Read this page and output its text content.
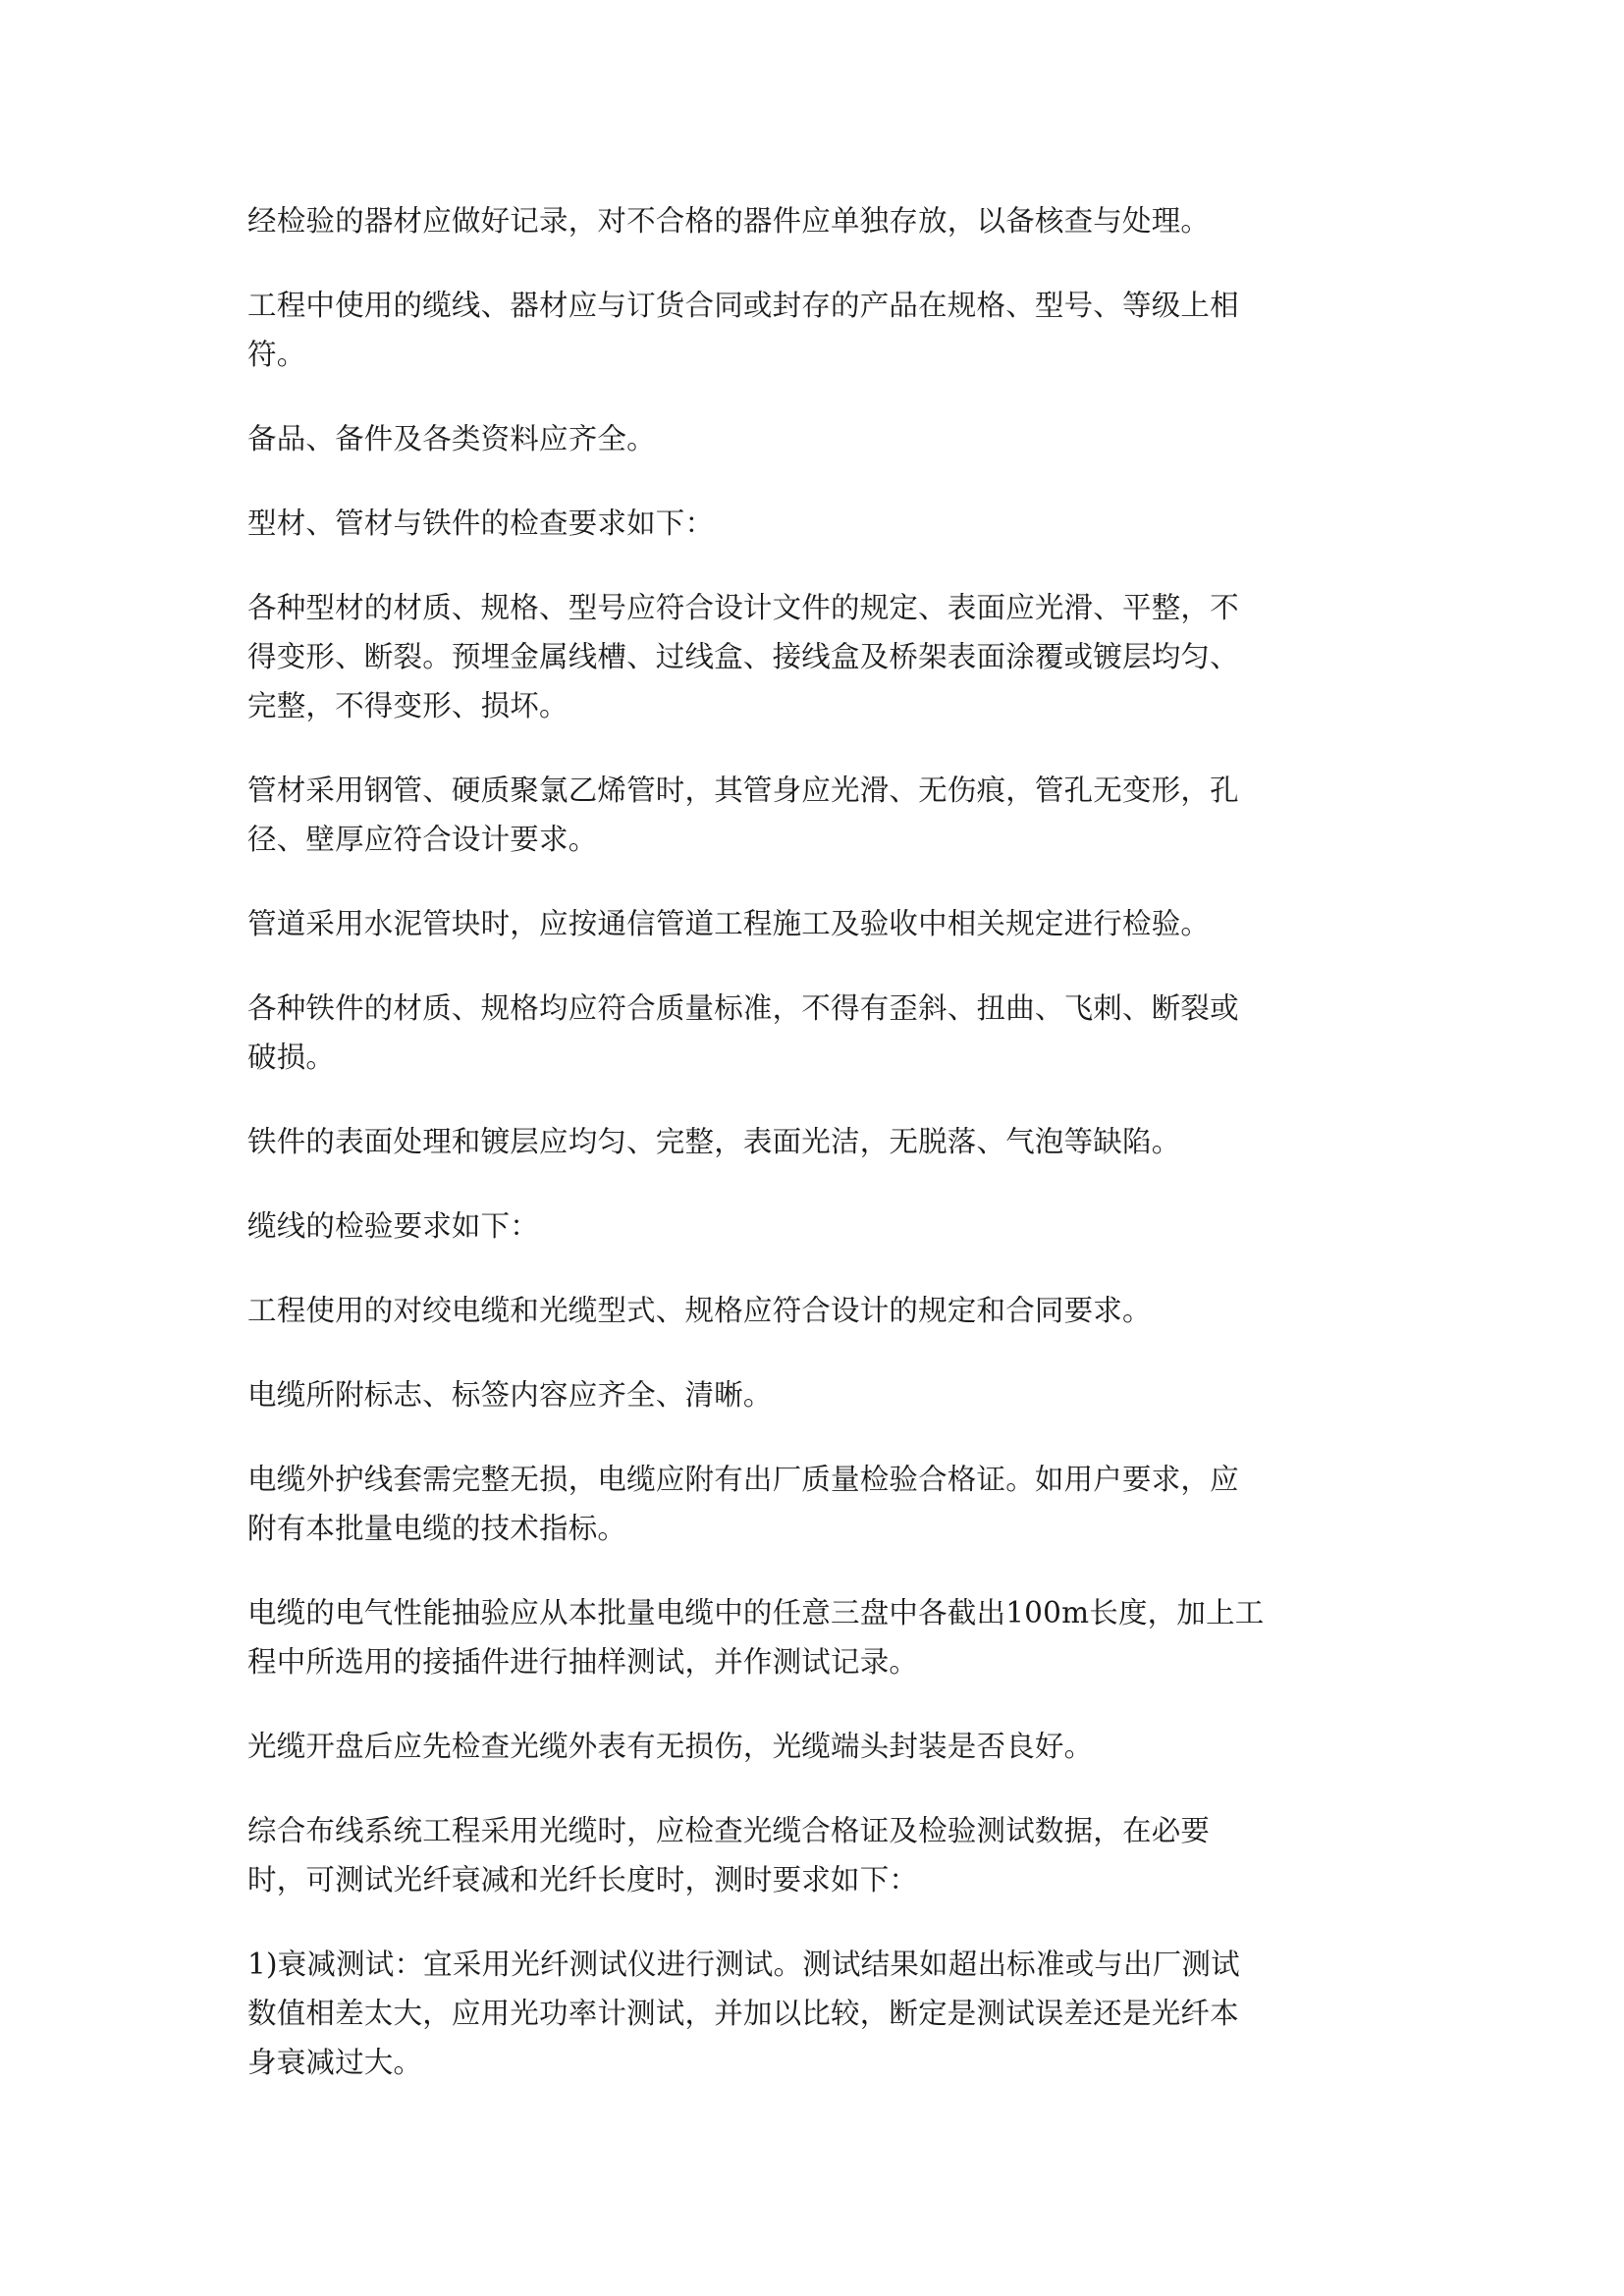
经检验的器材应做好记录，对不合格的器件应单独存放，以备核查与处理。

工程中使用的缆线、器材应与订货合同或封存的产品在规格、型号、等级上相
符。

备品、备件及各类资料应齐全。

型材、管材与铁件的检查要求如下：

各种型材的材质、规格、型号应符合设计文件的规定、表面应光滑、平整，不
得变形、断裂。预埋金属线槽、过线盒、接线盒及桥架表面涂覆或镀层均匀、
完整，不得变形、损坏。

管材采用钢管、硬质聚氯乙烯管时，其管身应光滑、无伤痕，管孔无变形，孔
径、壁厚应符合设计要求。

管道采用水泥管块时，应按通信管道工程施工及验收中相关规定进行检验。

各种铁件的材质、规格均应符合质量标准，不得有歪斜、扭曲、飞刺、断裂或
破损。

铁件的表面处理和镀层应均匀、完整，表面光洁，无脱落、气泡等缺陷。

缆线的检验要求如下：

工程使用的对绞电缆和光缆型式、规格应符合设计的规定和合同要求。

电缆所附标志、标签内容应齐全、清晰。

电缆外护线套需完整无损，电缆应附有出厂质量检验合格证。如用户要求，应
附有本批量电缆的技术指标。

电缆的电气性能抽验应从本批量电缆中的任意三盘中各截出100m长度，加上工
程中所选用的接插件进行抽样测试，并作测试记录。

光缆开盘后应先检查光缆外表有无损伤，光缆端头封装是否良好。

综合布线系统工程采用光缆时，应检查光缆合格证及检验测试数据，在必要
时，可测试光纤衰减和光纤长度时，测时要求如下：

1)衰减测试：宜采用光纤测试仪进行测试。测试结果如超出标准或与出厂测试
数值相差太大，应用光功率计测试，并加以比较，断定是测试误差还是光纤本
身衰减过大。
